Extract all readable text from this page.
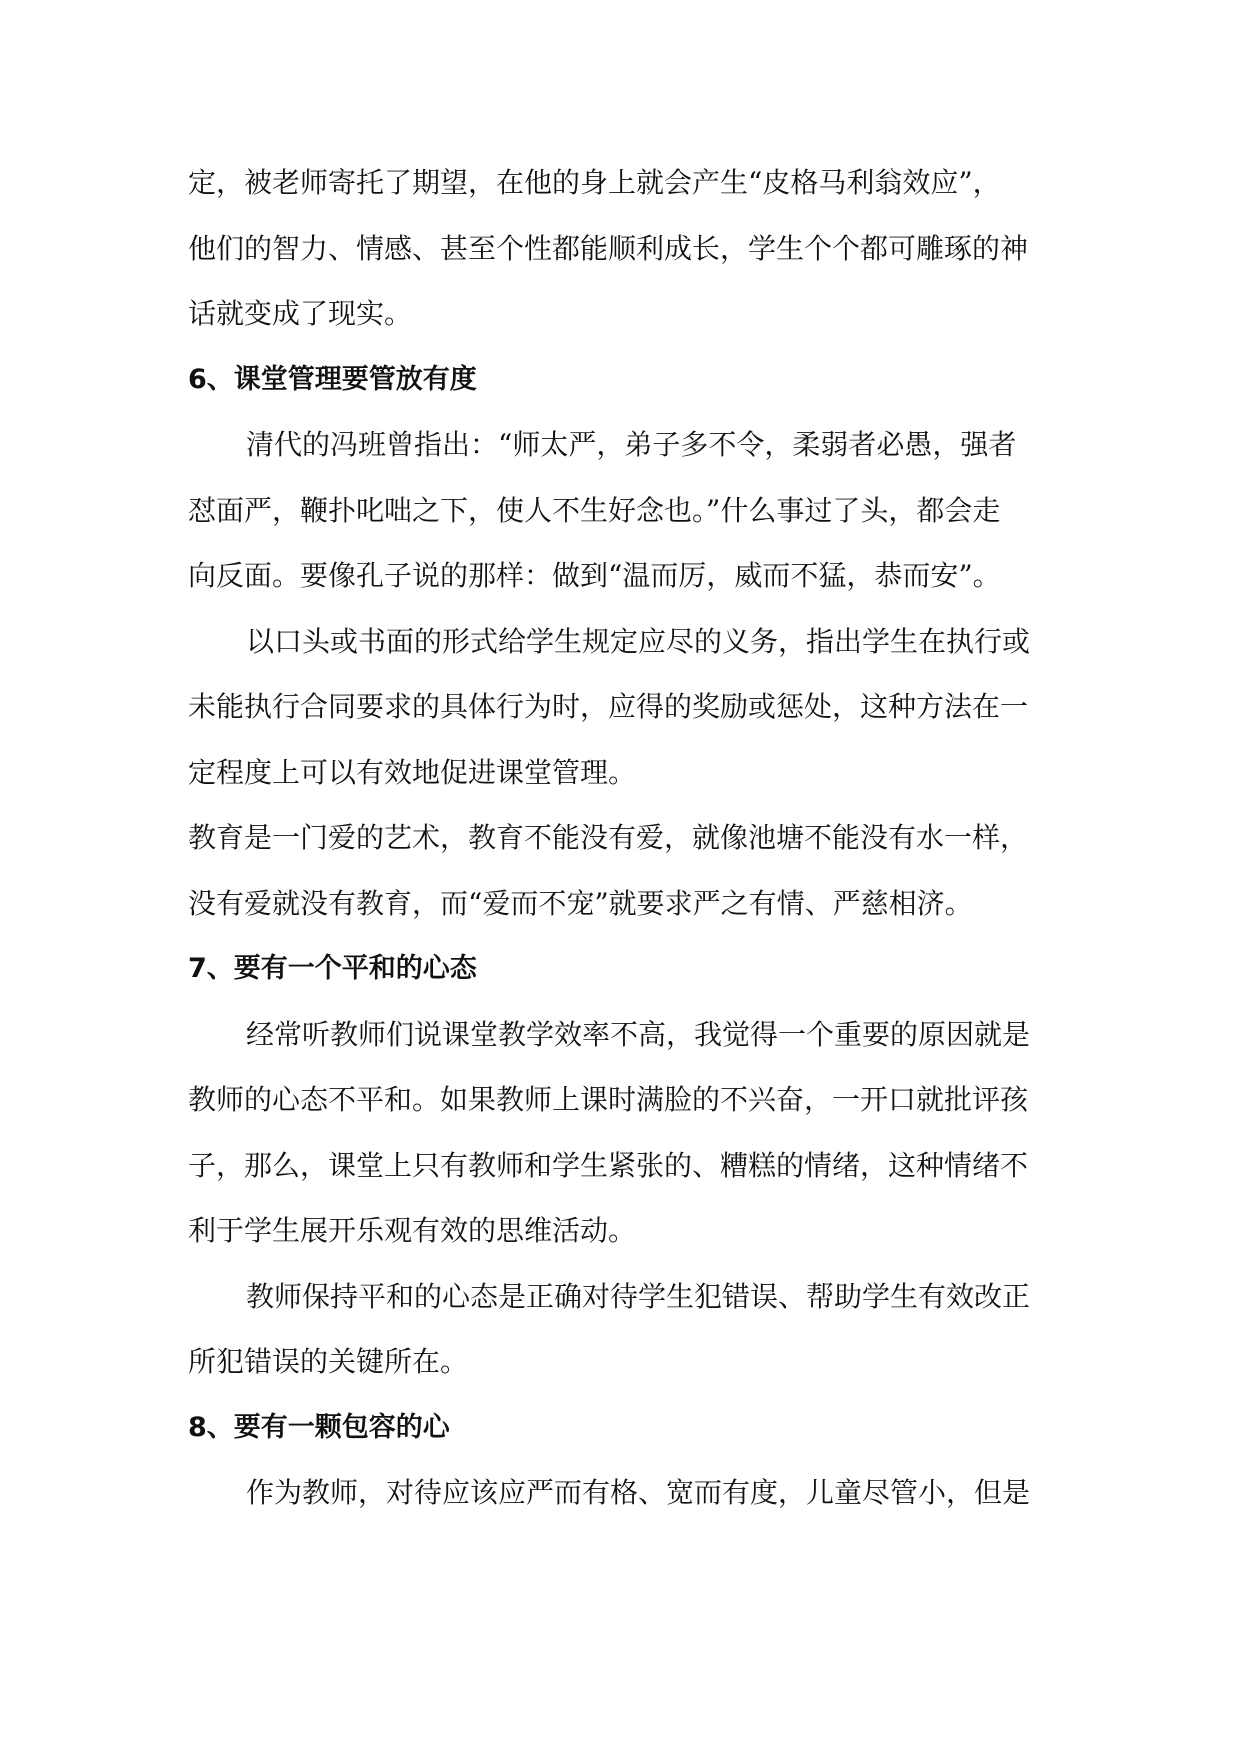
定，被老师寄托了期望，在他的身上就会产生“皮格马利翁效应”，
他们的智力、情感、甚至个性都能顺利成长，学生个个都可雕琢的神
话就变成了现实。
6、课堂管理要管放有度
清代的冯班曾指出：“师太严，弟子多不令，柔弱者必愚，强者
怼面严，鞭扑叱咄之下，使人不生好念也。”什么事过了头，都会走
向反面。要像孔子说的那样：做到“温而厉，威而不猛，恭而安”。
以口头或书面的形式给学生规定应尽的义务，指出学生在执行或
未能执行合同要求的具体行为时，应得的奖励或惩处，这种方法在一
定程度上可以有效地促进课堂管理。
教育是一门爱的艺术，教育不能没有爱，就像池塘不能没有水一样，
没有爱就没有教育，而“爱而不宠”就要求严之有情、严慈相济。
7、要有一个平和的心态
经常听教师们说课堂教学效率不高，我觉得一个重要的原因就是
教师的心态不平和。如果教师上课时满脸的不兴奋，一开口就批评孩
子，那么，课堂上只有教师和学生紧张的、糟糕的情绪，这种情绪不
利于学生展开乐观有效的思维活动。
教师保持平和的心态是正确对待学生犯错误、帮助学生有效改正
所犯错误的关键所在。
8、要有一颗包容的心
作为教师，对待应该应严而有格、宽而有度，儿童尽管小，但是
